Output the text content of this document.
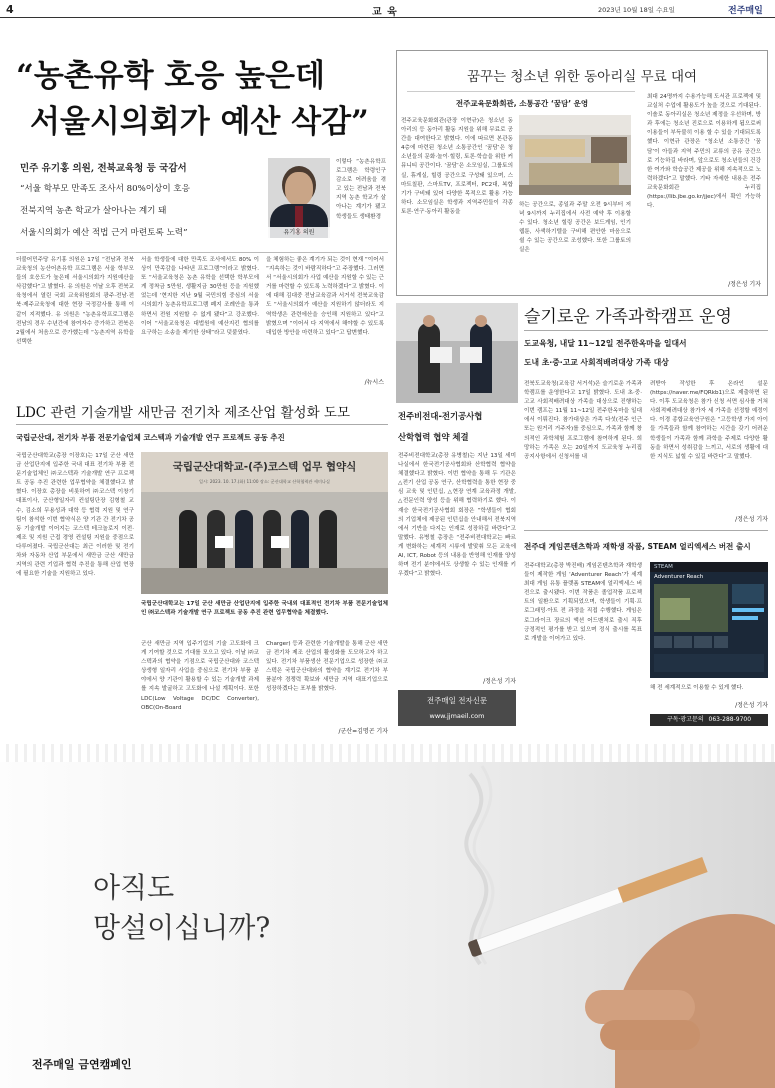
4	교 육	2023년 10월 18일 수요일	전주매일
“농촌유학 호응 높은데
서울시의회가 예산 삭감”
민주 유기홍 의원, 전북교육청 등 국감서
“서울 학부모 만족도 조사서 80%이상이 호응
전북지역 농촌 학교가 살아나는 계기 돼
서울시의회가 예산 적법 근거 마련토록 노력”	유기홍 의원
이렇다 “농촌유학프로그램은 학령인구 감소로 어려움을 겪고 있는 전남과 전북지역 농촌 학교가 살아나는 계기가 됐고 학생들도 생태환경
더불어민주당 유기홍 의원은 17일 “전남과 전북교육청의 농산어촌유학 프로그램은 서울 학부모들의 호응도가 높은데 서울시의회가 지원예산을 삭감했다”고 밝혔다. 유 의원은 이날 오후 전북교육청에서 열린 국회 교육위원회의 광주·전남·전북·제주교육청에 대한 현장 국정감사를 통해 이같이 지적했다. 유 의원은 “농촌유학프로그램은 전남의 경우 수년간에 참여자수 증가하고 전북은 2월에서 처음으로 증가했는데 “농촌지역 유학을 선택한
서울 학생들에 대한 만족도 조사에서도 80% 이상이 만족감을 나타낸 프로그램”이라고 밝혔다. 또 “서울교육청은 농촌 유학을 선택한 학부모에게 정착금 5만원, 생활지금 30만원 등을 지원했었는데 ‘현지한 지난 9월 국민의힘 중심의 서울시의회가 농촌유학프로그램 폐지 조례안을 통과하면서 전원 지원할 수 없게 됐다”고 강조했다. 이어 “서울교육청은 대법원에 예산지킨 협의를 요구하는 소송을 제기한 상태”라고 덧붙였다.
을 체험하는 좋은 계기가 되는 것이 현재 “이어서 “지속하는 것이 바람직하다”고 주장했다. 그러면서 “서울시의회가 사업 예산을 지원할 수 있는 근거를 마련할 수 있도록 노력하겠다”고 밝혔다. 이에 대해 김대중 전남교육감과 서거석 전북교육감도 “서울시의회가 예산을 지원하기 않더라도 지역학생은 관련에산을 승인해 지원하고 있다”고 밝혔으며 “이어서 다 지역에서 해야할 수 있도록 대입한 방안을 마련하고 있다”고 답변했다.
/뉴시스
꿈꾸는 청소년 위한 동아리실 무료 대여
전주교육문화회관, 소통공간 ‘꿈담’ 운영
전주교육문화회관(관장 이현규)은 청소년 동아리의 등 동아리 활동 지원을 위해 무료로 공간을 대여한다고 밝혔다. 이에 따르면 본관동 4층에 마련된 청소년 소통공간인 ‘꿈담’은 청소년들의 문화·놀이·힐링, 토론·학습을 위한 커뮤니티 공간이다. ‘꿈담’은 소모임실, 그룹토의실, 휴게실, 힐링 공간으로 구성돼 있으며, 스마트칠판, 스마트TV, 프로젝터, PC2대, 복합기가 구비돼 있어 다양한 목적으로 활용 가능하다. 소모임실은 학생과 지역주민들이 각종 토론·연구·동아리 활동을
하는 공간으로, 종일과 주말 오전 9시부터 저녁 9시까지 누리집에서 사전 예약 후 이용할 수 있다. 청소년 힐링 공간은 보드게임, 인기 웹툰, 사색하기텔을 구비해 편안한 마음으로 쉴 수 있는 공간으로 조성했다. 또한 그룹토의실은
최대 24명까지 수용가능해 도서관 프로젝에 및 교실처 수업에 활용도가 높을 것으로 기대된다. 이솔로 동아리실은 청소년 제정을 우선하며, 방과 후에는 청소년 진로으로 이용하게 됩으로써 이용들이 부득불히 이용 할 수 있을 기대되도록 했다. 이현규 관장은 “청소년 소통공간 ‘꿈담’이 아들과 지역 주민의 교류의 공유 공간으로 기능하길 바라며, 앞으로도 청소년들의 건강한 여가와 학습공간 제공을 위해 지속적으로 노력하겠다”고 말했다. 기타 자세한 내용은 전주교육문화회관 누리집(https://lib.jbe.go.kr/jjec)에서 확인 가능하다.
/정은성 기자
전주비전대-전기공사협
산학협력 협약 체결
전주비전대학교(총장 유병철)는 지난 13일 세미나실에서 한국전기공사협회와 산학협력 협약을 체결했다고 밝혔다. 이번 협약을 통해 두 기관은 △전기 산업 공동 연구, 산학협력을 통한 현장 중심 교육 및 인턴십, △현장 연계 교육과정 개발, △전문인력 양성 등을 위해 협력하기로 했다. 이재승 한국전기공사협회 회장은 “학생들이 협회의 기업체에 제공된 인턴십을 안내해서 전북지역에서 기반을 다지는 인재로 성장하길 바란다”고 말했다. 유병철 총장은 “전주비전대학교는 빠르게 변화하는 세계적 시류에 발맞춰 모든 교육에 AI, ICT, Robot 등의 내용을 반영해 인재를 양성하며 전기 분야에서도 상생할 수 있는 인재를 키우겠다”고 밝혔다.
/정은성 기자
전주매일 전자신문
www.jjmaeil.com
슬기로운 가족과학캠프 운영
도교육청, 내달 11~12일 전주한옥마을 일대서
도내 초·중·고교 사회적배려대상 가족 대상
전북도교육청(교육감 서거석)은 슬기로운 가족과학캠프를 운영한다고 17일 밝혔다. 도내 초·중·고교 사회적배려대상 가족을 대상으로 진행하는 이번 캠프는 11월 11~12일 전주한옥마을 일대에서 이뤄진다. 참가대상은 가족 다섯(전주 인근 또는 원거리 거주자)를 중심으로, 가족과 함께 창의적인 과학체험 프로그램에 참여하게 된다. 희망하는 가족은 오는 20일까지 도교육청 누리집 공지사항에서 신청서를 내
려받아 작성한 후 온라인 설문(https://naver.me/FQRkb1)으로 제출하면 된다. 이후 도교육청은 참가 신청 서면 심사를 거쳐 사회적배려대상 참가자 세 가족을 선정할 예정이다. 이경 종합교육연구원은 “고등학생 가지 아이들 가족들과 함께 참여하는 시간을 갖기 어려운 학생들이 가족과 함께 과학을 주제로 다양한 활동을 하면서 성취감을 느끼고, 서로의 생활에 대한 지식도 넓힐 수 있길 바란다”고 말했다.
/정은성 기자
전주대 게임콘텐츠학과 재학생 작품, STEAM 얼리엑세스 버전 출시
전주대학교(총장 박진배) 게임콘텐츠학과 재학생들이 제작한 게임 ‘Adventurer Reach’가 세계 최대 게임 유통 플랫폼 STEAM에 얼리엑세스 버전으로 출시됐다. 이번 작품은 졸업작품 프로젝트의 일환으로 기획되었으며, 학생들이 기획·프로그래밍·아트 전 과정을 직접 수행했다. 게임은 로그라이크 장르의 액션 어드벤처로 출시 직후 긍정적인 평가를 받고 있으며 정식 출시를 목표로 개발을 이어가고 있다.
STEAM
Adventurer Reach
해 전 세계적으로 이용할 수 있게 했다.
/정은성 기자
구독·광고문의 063-288-9700
LDC 관련 기술개발 새만금 전기차 제조산업 활성화 도모
국립군산대, 전기차 부품 전문기술업체 코스텍과 기술개발 연구 프로젝트 공동 추진
국립군산대학교(총장 이장호)는 17일 군산 새만금 산업단지에 입주한 국내 대표 전기차 부품 전문기술업체인 ㈜코스텍과 기술개발 연구 프로젝트 공동 추진 관련한 업무협약을 체결했다고 밝혔다. 이장호 총장을 비롯하여 ㈜코스텍 이창기 대표이사, 군산형일자리 컨설팅단장 김형철 교수, 김소희 무용성과 대학 등 협력 지원 및 연구팀이 참석한 이번 협약식은 양 기관 간 전기차 공동 기술개발 이어지는 코스텍 테크놀로지 이전·제조 및 지원 근접 경영 컨설팅 지원을 중점으로 다루어졌다. 국립군산대는 최근 이러한 및 전기차와 자동차 산업 부문에서 새만금 군산 새만금 지역의 관련 기업과 협력 추진을 통해 산업 현장에 필요한 기술을 지원하고 있다.
국립군산대학교-(주)코스텍 업무 협약식
일시: 2023. 10. 17.(화) 11:00 장소: 군산대학교 산학협력관 세미나실
국립군산대학교는 17일 군산 새만금 산업단지에 입주한 국내외 대표적인 전기차 부품 전문기술업체인 ㈜코스텍과 기술개발 연구 프로젝트 공동 추진 관련 업무협약을 체결했다.
군산 새만금 지역 입주기업의 기술 고도화에 크게 기여할 것으로 기대를 모으고 있다. 이날 ㈜코스텍과의 협약을 기점으로 국립군산대와 코스텍 상생형 일자리 사업을 중심으로 전기차 부품 분야에서 양 기관이 활용할 수 있는 기술개발 과제를 지속 발굴하고 고도화에 나설 계획이다. 또한 LDC(Low Voltage DC/DC Converter), OBC(On-Board
Charger) 등과 관련한 기술개발을 통해 군산 새만금 전기차 제조 산업의 활성화를 도모하고자 하고 있다. 전기차 부품생산 전문기업으로 성장한 ㈜코스텍은 국립군산대와의 협약을 계기로 전기차 부품분야 경쟁력 확보와 새만금 지역 대표기업으로 성장하겠다는 포부를 밝혔다.
/군산=김명곤 기자
아직도
망설이십니까?
전주매일 금연캠페인
